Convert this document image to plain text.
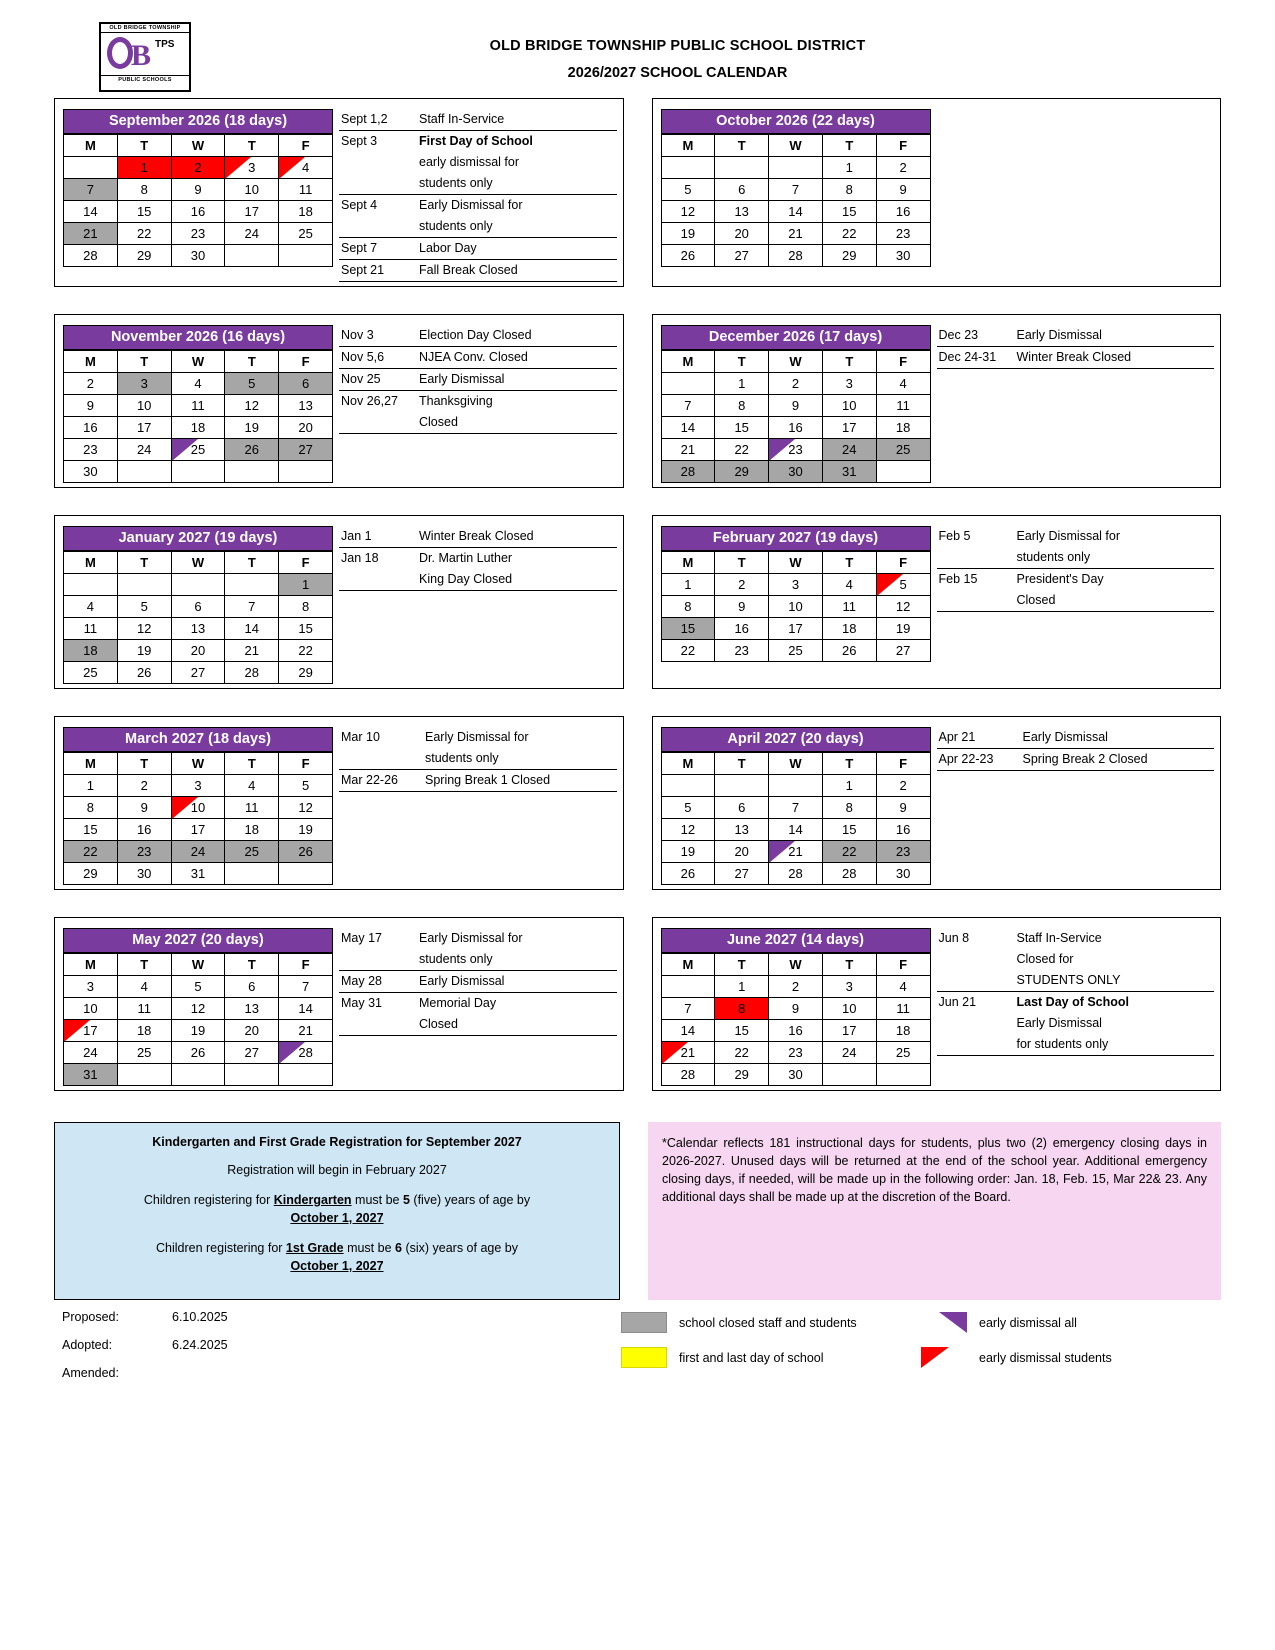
OLD BRIDGE TOWNSHIP
B TPS
PUBLIC SCHOOLS
OLD BRIDGE TOWNSHIP PUBLIC SCHOOL DISTRICT
2026/2027 SCHOOL CALENDAR
September 2026 (18 days)
M	T	W	T	F
	1	2	3	4
7	8	9	10	11
14	15	16	17	18
21	22	23	24	25
28	29	30		
Sept 1,2	Staff In-Service
Sept 3	First Day of School
	early dismissal for
	students only
Sept 4	Early Dismissal for
	students only
Sept 7	Labor Day
Sept 21	Fall Break Closed
October 2026 (22 days)
M	T	W	T	F
			1	2
5	6	7	8	9
12	13	14	15	16
19	20	21	22	23
26	27	28	29	30
November 2026 (16 days)
M	T	W	T	F
2	3	4	5	6
9	10	11	12	13
16	17	18	19	20
23	24	25	26	27
30				
Nov 3	Election Day Closed
Nov 5,6	NJEA Conv. Closed
Nov 25	Early Dismissal
Nov 26,27	Thanksgiving
	Closed
December 2026 (17 days)
M	T	W	T	F
	1	2	3	4
7	8	9	10	11
14	15	16	17	18
21	22	23	24	25
28	29	30	31	
Dec 23	Early Dismissal
Dec 24-31	Winter Break Closed
January 2027 (19 days)
M	T	W	T	F
				1
4	5	6	7	8
11	12	13	14	15
18	19	20	21	22
25	26	27	28	29
Jan 1	Winter Break Closed
Jan 18	Dr. Martin Luther
	King Day Closed
February 2027 (19 days)
M	T	W	T	F
1	2	3	4	5
8	9	10	11	12
15	16	17	18	19
22	23	25	26	27
Feb 5	Early Dismissal for
	students only
Feb 15	President's Day
	Closed
March 2027 (18 days)
M	T	W	T	F
1	2	3	4	5
8	9	10	11	12
15	16	17	18	19
22	23	24	25	26
29	30	31		
Mar 10	Early Dismissal for
	students only
Mar 22-26	Spring Break 1 Closed
April 2027 (20 days)
M	T	W	T	F
			1	2
5	6	7	8	9
12	13	14	15	16
19	20	21	22	23
26	27	28	28	30
Apr 21	Early Dismissal
Apr 22-23	Spring Break 2 Closed
May 2027 (20 days)
M	T	W	T	F
3	4	5	6	7
10	11	12	13	14
17	18	19	20	21
24	25	26	27	28
31				
May 17	Early Dismissal for
	students only
May 28	Early Dismissal
May 31	Memorial Day
	Closed
June 2027 (14 days)
M	T	W	T	F
	1	2	3	4
7	8	9	10	11
14	15	16	17	18
21	22	23	24	25
28	29	30		
Jun 8	Staff In-Service
	Closed for
	STUDENTS ONLY
Jun 21	Last Day of School
	Early Dismissal
	for students only
Kindergarten and First Grade Registration for September 2027

Registration will begin in February 2027

Children registering for Kindergarten must be 5 (five) years of age by
October 1, 2027

Children registering for 1st Grade must be 6 (six) years of age by
October 1, 2027

*Calendar reflects 181 instructional days for students, plus two (2) emergency closing days in 2026-2027. Unused days will be returned at the end of the school year. Additional emergency closing days, if needed, will be made up in the following order: Jan. 18, Feb. 15, Mar 22& 23. Any additional days shall be made up at the discretion of the Board.
Proposed:	6.10.2025
Adopted:	6.24.2025
Amended:
school closed staff and students
first and last day of school
early dismissal all
early dismissal students
